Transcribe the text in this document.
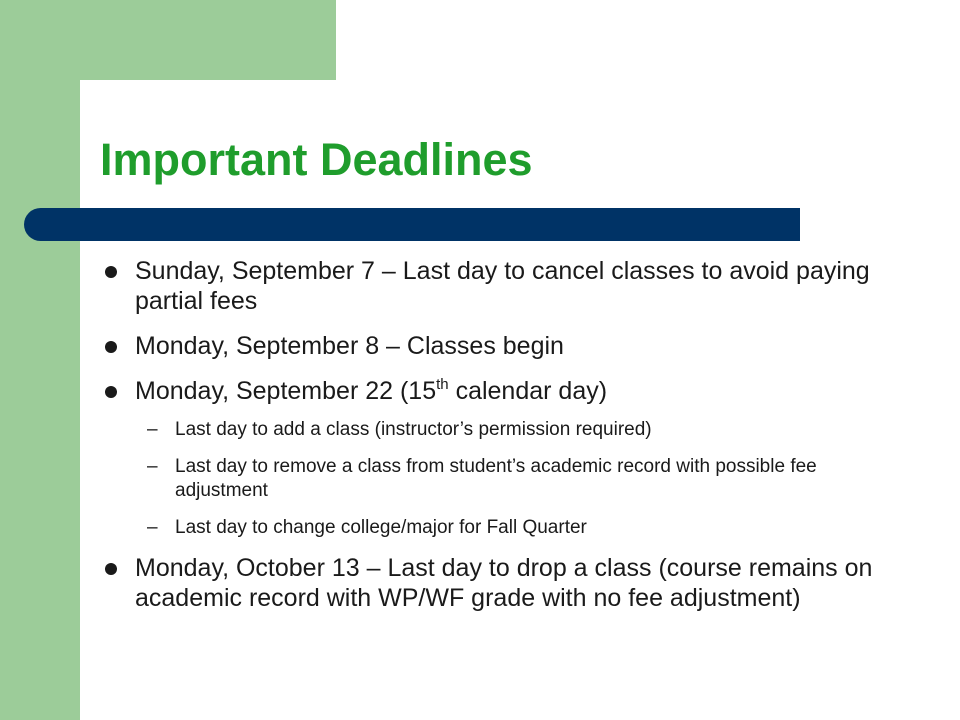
Important Deadlines
Sunday, September 7 – Last day to cancel classes to avoid paying partial fees
Monday, September 8 – Classes begin
Monday, September 22 (15th calendar day)
– Last day to add a class (instructor’s permission required)
– Last day to remove a class from student’s academic record with possible fee adjustment
– Last day to change college/major for Fall Quarter
Monday, October 13 – Last day to drop a class (course remains on academic record with WP/WF grade with no fee adjustment)
